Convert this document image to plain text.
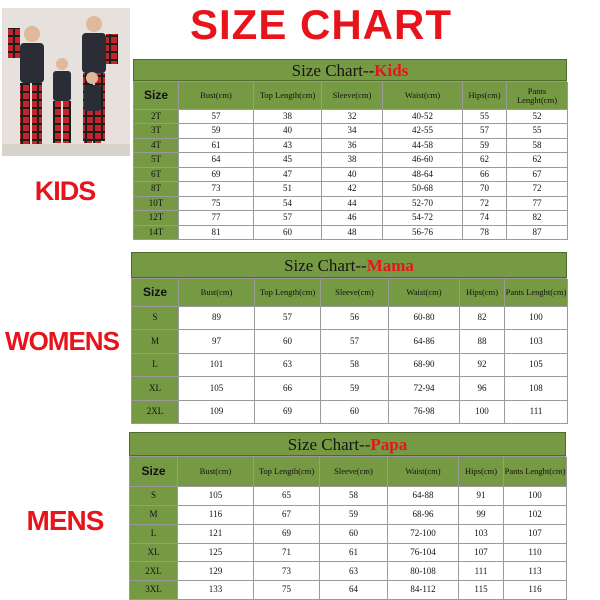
SIZE CHART
KIDS
WOMENS
MENS
Size Chart--Kids
Size	Bust(cm)	Top Length(cm)	Sleeve(cm)	Waist(cm)	Hips(cm)	Pants Lenght(cm)
2T	57	38	32	40-52	55	52
3T	59	40	34	42-55	57	55
4T	61	43	36	44-58	59	58
5T	64	45	38	46-60	62	62
6T	69	47	40	48-64	66	67
8T	73	51	42	50-68	70	72
10T	75	54	44	52-70	72	77
12T	77	57	46	54-72	74	82
14T	81	60	48	56-76	78	87
Size Chart--Mama
Size	Bust(cm)	Top Length(cm)	Sleeve(cm)	Waist(cm)	Hips(cm) Pants Lenght(cm)
S	89	57	56	60-80	82	100
M	97	60	57	64-86	88	103
L	101	63	58	68-90	92	105
XL	105	66	59	72-94	96	108
2XL	109	69	60	76-98	100	111
Size Chart--Papa
Size	Bust(cm)	Top Length(cm)	Sleeve(cm)	Waist(cm)	Hips(cm) Pants Lenght(cm)
S	105	65	58	64-88	91	100
M	116	67	59	68-96	99	102
L	121	69	60	72-100	103	107
XL	125	71	61	76-104	107	110
2XL	129	73	63	80-108	111	113
3XL	133	75	64	84-112	115	116
